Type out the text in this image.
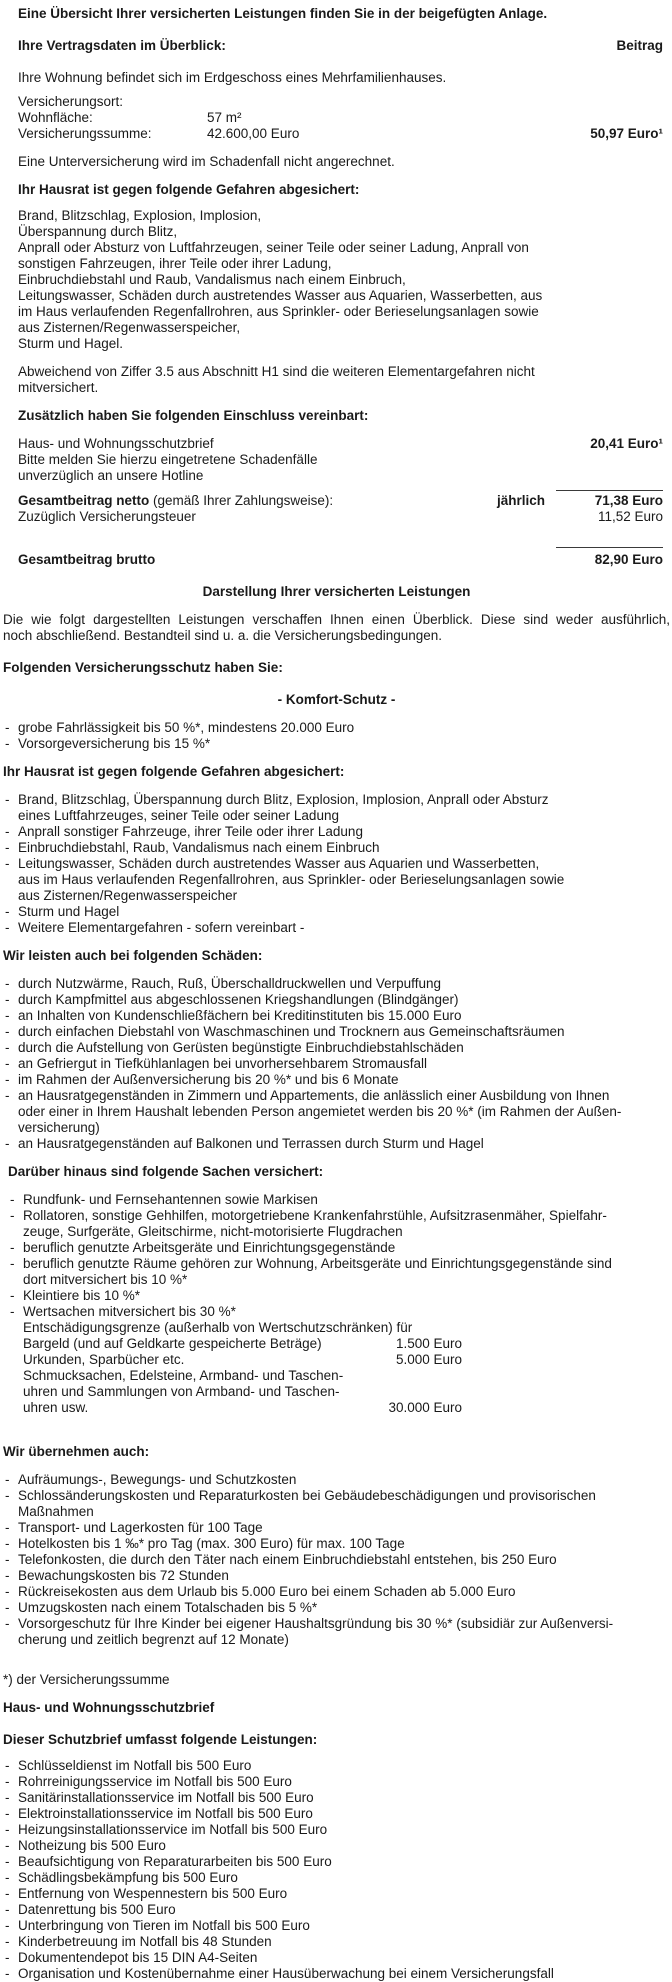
Eine Übersicht Ihrer versicherten Leistungen finden Sie in der beigefügten Anlage.
Ihre Vertragsdaten im Überblick:	Beitrag
Ihre Wohnung befindet sich im Erdgeschoss eines Mehrfamilienhauses.
Versicherungsort:
Wohnfläche:	57 m²
Versicherungssumme:	42.600,00 Euro	50,97 Euro¹
Eine Unterversicherung wird im Schadenfall nicht angerechnet.
Ihr Hausrat ist gegen folgende Gefahren abgesichert:
Brand, Blitzschlag, Explosion, Implosion,
Überspannung durch Blitz,
Anprall oder Absturz von Luftfahrzeugen, seiner Teile oder seiner Ladung, Anprall von
sonstigen Fahrzeugen, ihrer Teile oder ihrer Ladung,
Einbruchdiebstahl und Raub, Vandalismus nach einem Einbruch,
Leitungswasser, Schäden durch austretendes Wasser aus Aquarien, Wasserbetten, aus
im Haus verlaufenden Regenfallrohren, aus Sprinkler- oder Berieselungsanlagen sowie
aus Zisternen/Regenwasserspeicher,
Sturm und Hagel.
Abweichend von Ziffer 3.5 aus Abschnitt H1 sind die weiteren Elementargefahren nicht
mitversichert.
Zusätzlich haben Sie folgenden Einschluss vereinbart:
Haus- und Wohnungsschutzbrief	20,41 Euro¹
Bitte melden Sie hierzu eingetretene Schadenfälle
unverzüglich an unsere Hotline
Gesamtbeitrag netto (gemäß Ihrer Zahlungsweise):	jährlich	71,38 Euro
Zuzüglich Versicherungsteuer	11,52 Euro
Gesamtbeitrag brutto	82,90 Euro
Darstellung Ihrer versicherten Leistungen
Die wie folgt dargestellten Leistungen verschaffen Ihnen einen Überblick. Diese sind weder ausführlich,
noch abschließend. Bestandteil sind u. a. die Versicherungsbedingungen.
Folgenden Versicherungsschutz haben Sie:
- Komfort-Schutz -
- grobe Fahrlässigkeit bis 50 %*, mindestens 20.000 Euro
- Vorsorgeversicherung bis 15 %*
Ihr Hausrat ist gegen folgende Gefahren abgesichert:
- Brand, Blitzschlag, Überspannung durch Blitz, Explosion, Implosion, Anprall oder Absturz
eines Luftfahrzeuges, seiner Teile oder seiner Ladung
- Anprall sonstiger Fahrzeuge, ihrer Teile oder ihrer Ladung
- Einbruchdiebstahl, Raub, Vandalismus nach einem Einbruch
- Leitungswasser, Schäden durch austretendes Wasser aus Aquarien und Wasserbetten,
aus im Haus verlaufenden Regenfallrohren, aus Sprinkler- oder Berieselungsanlagen sowie
aus Zisternen/Regenwasserspeicher
- Sturm und Hagel
- Weitere Elementargefahren - sofern vereinbart -
Wir leisten auch bei folgenden Schäden:
- durch Nutzwärme, Rauch, Ruß, Überschalldruckwellen und Verpuffung
- durch Kampfmittel aus abgeschlossenen Kriegshandlungen (Blindgänger)
- an Inhalten von Kundenschließfächern bei Kreditinstituten bis 15.000 Euro
- durch einfachen Diebstahl von Waschmaschinen und Trocknern aus Gemeinschaftsräumen
- durch die Aufstellung von Gerüsten begünstigte Einbruchdiebstahlschäden
- an Gefriergut in Tiefkühlanlagen bei unvorhersehbarem Stromausfall
- im Rahmen der Außenversicherung bis 20 %* und bis 6 Monate
- an Hausratgegenständen in Zimmern und Appartements, die anlässlich einer Ausbildung von Ihnen
oder einer in Ihrem Haushalt lebenden Person angemietet werden bis 20 %* (im Rahmen der Außen-
versicherung)
- an Hausratgegenständen auf Balkonen und Terrassen durch Sturm und Hagel
Darüber hinaus sind folgende Sachen versichert:
- Rundfunk- und Fernsehantennen sowie Markisen
- Rollatoren, sonstige Gehhilfen, motorgetriebene Krankenfahrstühle, Aufsitzrasenmäher, Spielfahr-
zeuge, Surfgeräte, Gleitschirme, nicht-motorisierte Flugdrachen
- beruflich genutzte Arbeitsgeräte und Einrichtungsgegenstände
- beruflich genutzte Räume gehören zur Wohnung, Arbeitsgeräte und Einrichtungsgegenstände sind
dort mitversichert bis 10 %*
- Kleintiere bis 10 %*
- Wertsachen mitversichert bis 30 %*
Entschädigungsgrenze (außerhalb von Wertschutzschränken) für
Bargeld (und auf Geldkarte gespeicherte Beträge)	1.500 Euro
Urkunden, Sparbücher etc.	5.000 Euro
Schmucksachen, Edelsteine, Armband- und Taschen-
uhren und Sammlungen von Armband- und Taschen-
uhren usw.	30.000 Euro
Wir übernehmen auch:
- Aufräumungs-, Bewegungs- und Schutzkosten
- Schlossänderungskosten und Reparaturkosten bei Gebäudebeschädigungen und provisorischen
Maßnahmen
- Transport- und Lagerkosten für 100 Tage
- Hotelkosten bis 1 ‰* pro Tag (max. 300 Euro) für max. 100 Tage
- Telefonkosten, die durch den Täter nach einem Einbruchdiebstahl entstehen, bis 250 Euro
- Bewachungskosten bis 72 Stunden
- Rückreisekosten aus dem Urlaub bis 5.000 Euro bei einem Schaden ab 5.000 Euro
- Umzugskosten nach einem Totalschaden bis 5 %*
- Vorsorgeschutz für Ihre Kinder bei eigener Haushaltsgründung bis 30 %* (subsidiär zur Außenversi-
cherung und zeitlich begrenzt auf 12 Monate)
*) der Versicherungssumme
Haus- und Wohnungsschutzbrief
Dieser Schutzbrief umfasst folgende Leistungen:
- Schlüsseldienst im Notfall bis 500 Euro
- Rohrreinigungsservice im Notfall bis 500 Euro
- Sanitärinstallationsservice im Notfall bis 500 Euro
- Elektroinstallationsservice im Notfall bis 500 Euro
- Heizungsinstallationsservice im Notfall bis 500 Euro
- Notheizung bis 500 Euro
- Beaufsichtigung von Reparaturarbeiten bis 500 Euro
- Schädlingsbekämpfung bis 500 Euro
- Entfernung von Wespennestern bis 500 Euro
- Datenrettung bis 500 Euro
- Unterbringung von Tieren im Notfall bis 500 Euro
- Kinderbetreuung im Notfall bis 48 Stunden
- Dokumentendepot bis 15 DIN A4-Seiten
- Organisation und Kostenübernahme einer Hausüberwachung bei einem Versicherungsfall
